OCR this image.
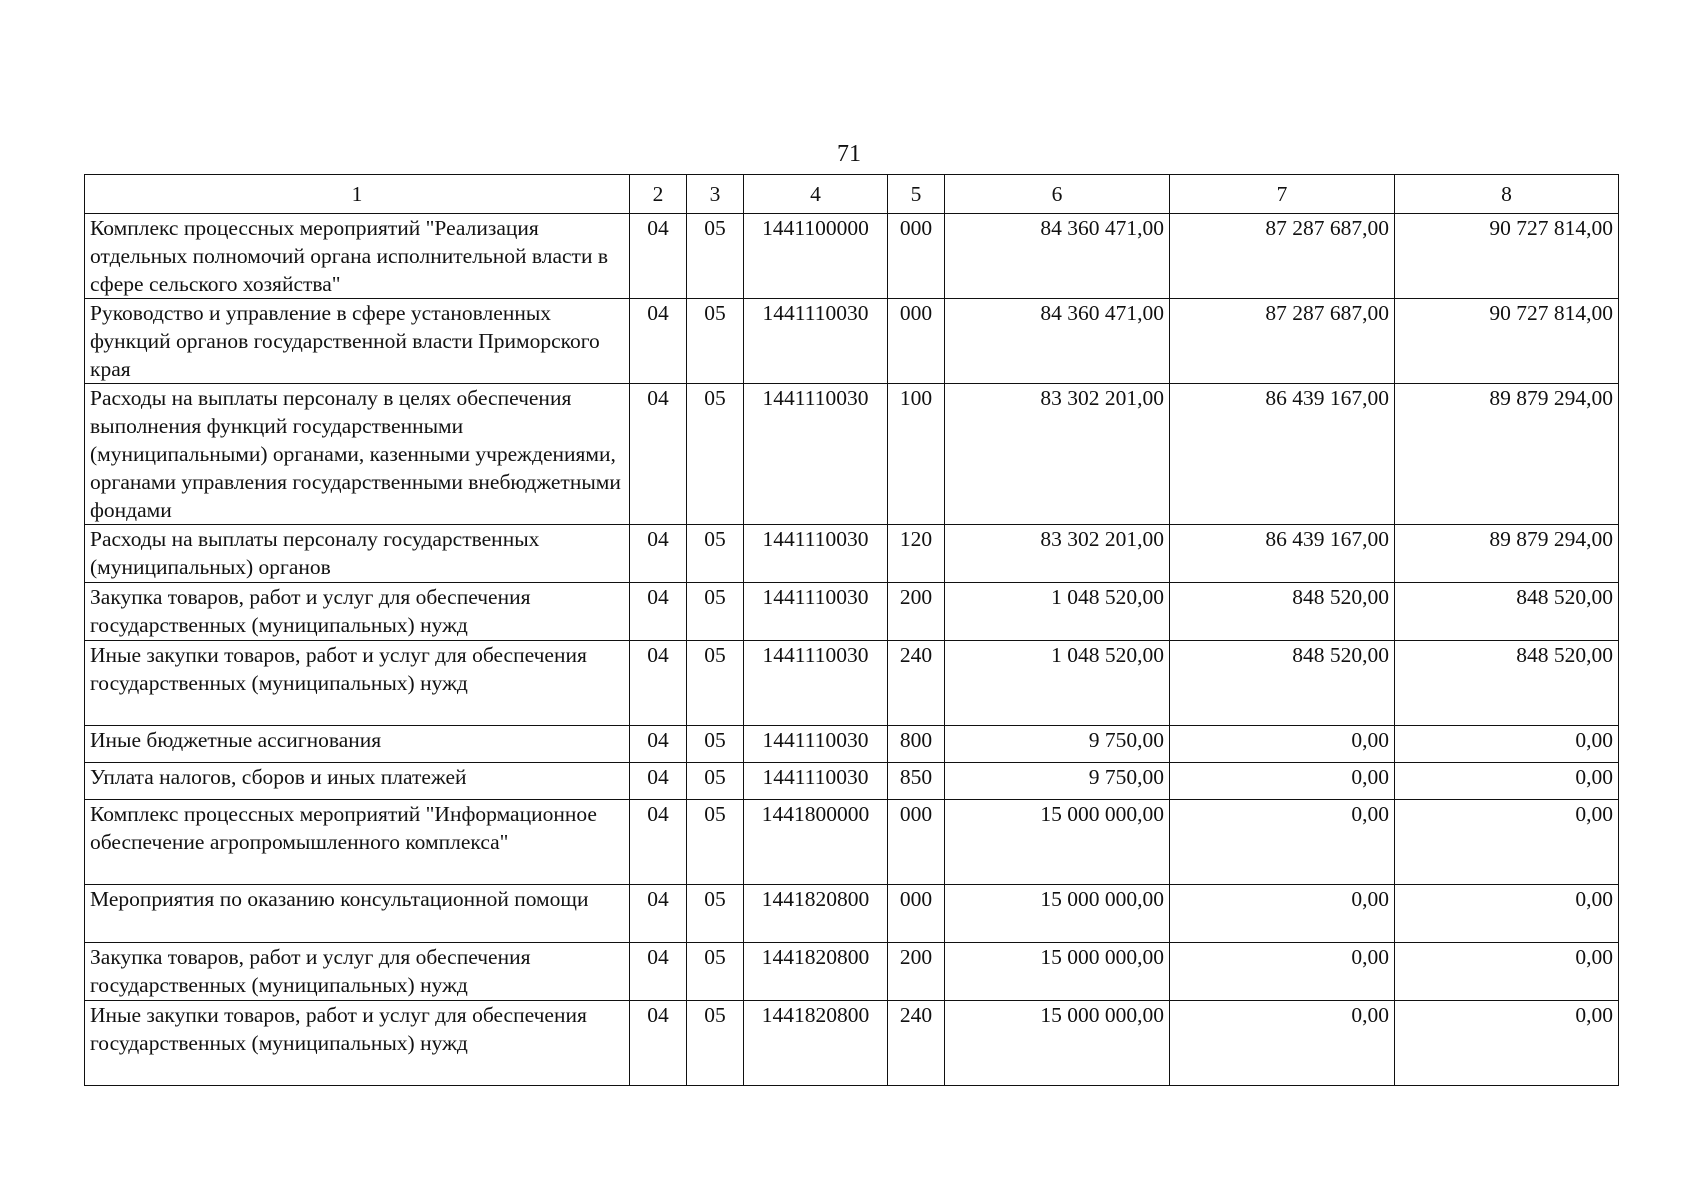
71
1	2	3	4	5	6	7	8
Комплекс процессных мероприятий "Реализация отдельных полномочий органа исполнительной власти в сфере сельского хозяйства"	04	05	1441100000	000	84 360 471,00	87 287 687,00	90 727 814,00
Руководство и управление в сфере установленных функций органов государственной власти Приморского края	04	05	1441110030	000	84 360 471,00	87 287 687,00	90 727 814,00
Расходы на выплаты персоналу в целях обеспечения выполнения функций государственными (муниципальными) органами, казенными учреждениями, органами управления государственными внебюджетными фондами	04	05	1441110030	100	83 302 201,00	86 439 167,00	89 879 294,00
Расходы на выплаты персоналу государственных (муниципальных) органов	04	05	1441110030	120	83 302 201,00	86 439 167,00	89 879 294,00
Закупка товаров, работ и услуг для обеспечения государственных (муниципальных) нужд	04	05	1441110030	200	1 048 520,00	848 520,00	848 520,00
Иные закупки товаров, работ и услуг для обеспечения государственных (муниципальных) нужд	04	05	1441110030	240	1 048 520,00	848 520,00	848 520,00
Иные бюджетные ассигнования	04	05	1441110030	800	9 750,00	0,00	0,00
Уплата налогов, сборов и иных платежей	04	05	1441110030	850	9 750,00	0,00	0,00
Комплекс процессных мероприятий "Информационное обеспечение агропромышленного комплекса"	04	05	1441800000	000	15 000 000,00	0,00	0,00
Мероприятия по оказанию консультационной помощи	04	05	1441820800	000	15 000 000,00	0,00	0,00
Закупка товаров, работ и услуг для обеспечения государственных (муниципальных) нужд	04	05	1441820800	200	15 000 000,00	0,00	0,00
Иные закупки товаров, работ и услуг для обеспечения государственных (муниципальных) нужд	04	05	1441820800	240	15 000 000,00	0,00	0,00
